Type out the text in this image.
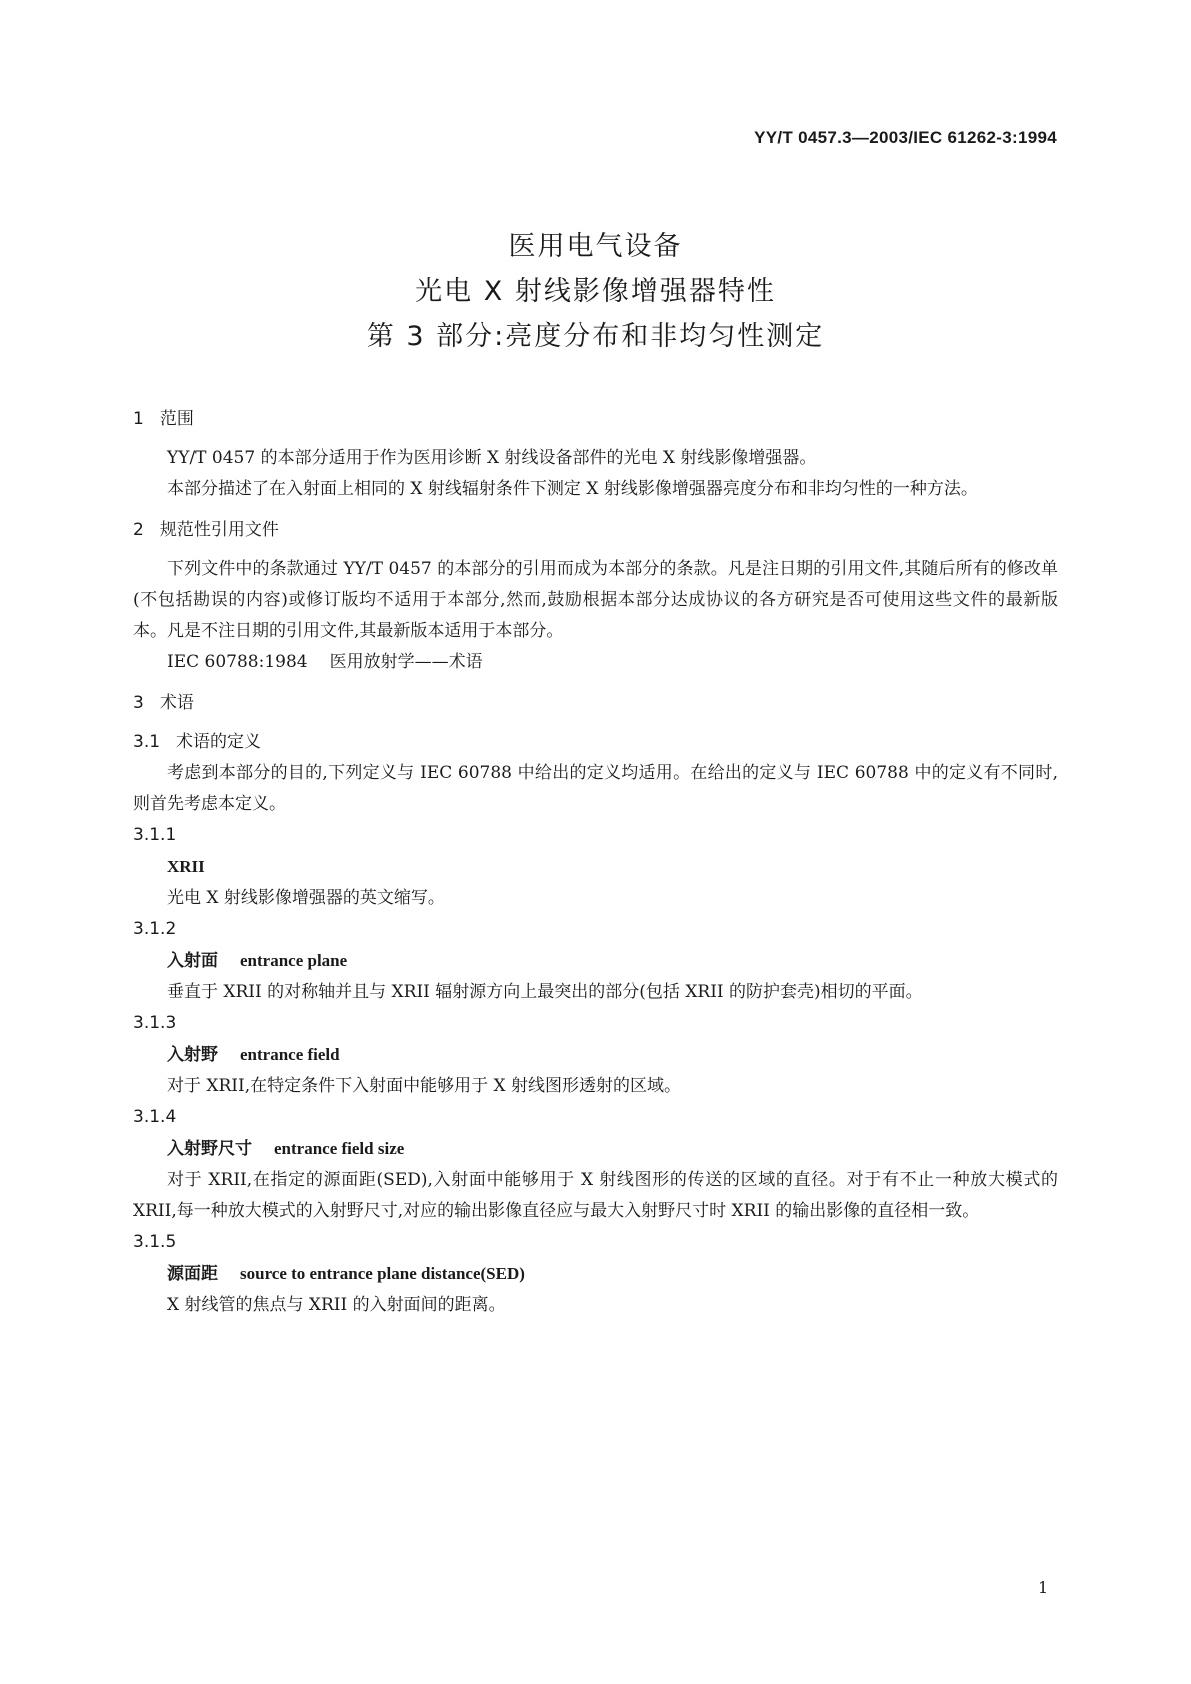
YY/T 0457.3—2003/IEC 61262-3:1994
医用电气设备
光电 X 射线影像增强器特性
第 3 部分:亮度分布和非均匀性测定
1 范围
YY/T 0457 的本部分适用于作为医用诊断 X 射线设备部件的光电 X 射线影像增强器。
本部分描述了在入射面上相同的 X 射线辐射条件下测定 X 射线影像增强器亮度分布和非均匀性的一种方法。
2 规范性引用文件
下列文件中的条款通过 YY/T 0457 的本部分的引用而成为本部分的条款。凡是注日期的引用文件,其随后所有的修改单(不包括勘误的内容)或修订版均不适用于本部分,然而,鼓励根据本部分达成协议的各方研究是否可使用这些文件的最新版本。凡是不注日期的引用文件,其最新版本适用于本部分。
IEC 60788:1984 医用放射学——术语
3 术语
3.1 术语的定义
考虑到本部分的目的,下列定义与 IEC 60788 中给出的定义均适用。在给出的定义与 IEC 60788 中的定义有不同时,则首先考虑本定义。
3.1.1
XRII
光电 X 射线影像增强器的英文缩写。
3.1.2
入射面 entrance plane
垂直于 XRII 的对称轴并且与 XRII 辐射源方向上最突出的部分(包括 XRII 的防护套壳)相切的平面。
3.1.3
入射野 entrance field
对于 XRII,在特定条件下入射面中能够用于 X 射线图形透射的区域。
3.1.4
入射野尺寸 entrance field size
对于 XRII,在指定的源面距(SED),入射面中能够用于 X 射线图形的传送的区域的直径。对于有不止一种放大模式的 XRII,每一种放大模式的入射野尺寸,对应的输出影像直径应与最大入射野尺寸时 XRII 的输出影像的直径相一致。
3.1.5
源面距 source to entrance plane distance(SED)
X 射线管的焦点与 XRII 的入射面间的距离。
1
